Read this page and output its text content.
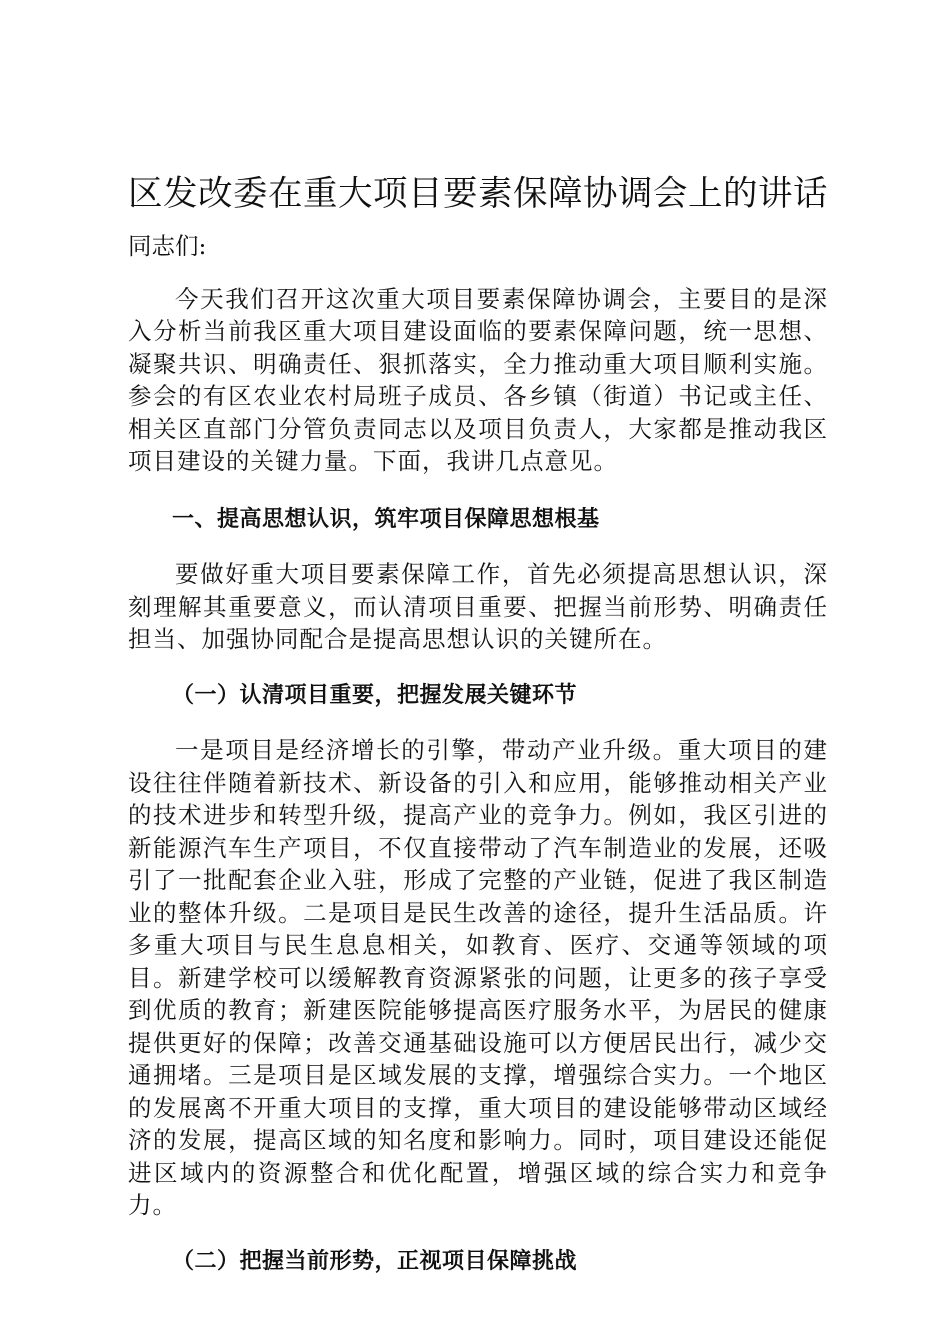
区发改委在重大项目要素保障协调会上的讲话

同志们:

今天我们召开这次重大项目要素保障协调会，主要目的是深入分析当前我区重大项目建设面临的要素保障问题，统一思想、凝聚共识、明确责任、狠抓落实，全力推动重大项目顺利实施。参会的有区农业农村局班子成员、各乡镇（街道）书记或主任、相关区直部门分管负责同志以及项目负责人，大家都是推动我区项目建设的关键力量。下面，我讲几点意见。

一、提高思想认识，筑牢项目保障思想根基

要做好重大项目要素保障工作，首先必须提高思想认识，深刻理解其重要意义，而认清项目重要、把握当前形势、明确责任担当、加强协同配合是提高思想认识的关键所在。

（一）认清项目重要，把握发展关键环节

一是项目是经济增长的引擎，带动产业升级。重大项目的建设往往伴随着新技术、新设备的引入和应用，能够推动相关产业的技术进步和转型升级，提高产业的竞争力。例如，我区引进的新能源汽车生产项目，不仅直接带动了汽车制造业的发展，还吸引了一批配套企业入驻，形成了完整的产业链，促进了我区制造业的整体升级。二是项目是民生改善的途径，提升生活品质。许多重大项目与民生息息相关，如教育、医疗、交通等领域的项目。新建学校可以缓解教育资源紧张的问题，让更多的孩子享受到优质的教育；新建医院能够提高医疗服务水平，为居民的健康提供更好的保障；改善交通基础设施可以方便居民出行，减少交通拥堵。三是项目是区域发展的支撑，增强综合实力。一个地区的发展离不开重大项目的支撑，重大项目的建设能够带动区域经济的发展，提高区域的知名度和影响力。同时，项目建设还能促进区域内的资源整合和优化配置，增强区域的综合实力和竞争力。

（二）把握当前形势，正视项目保障挑战
